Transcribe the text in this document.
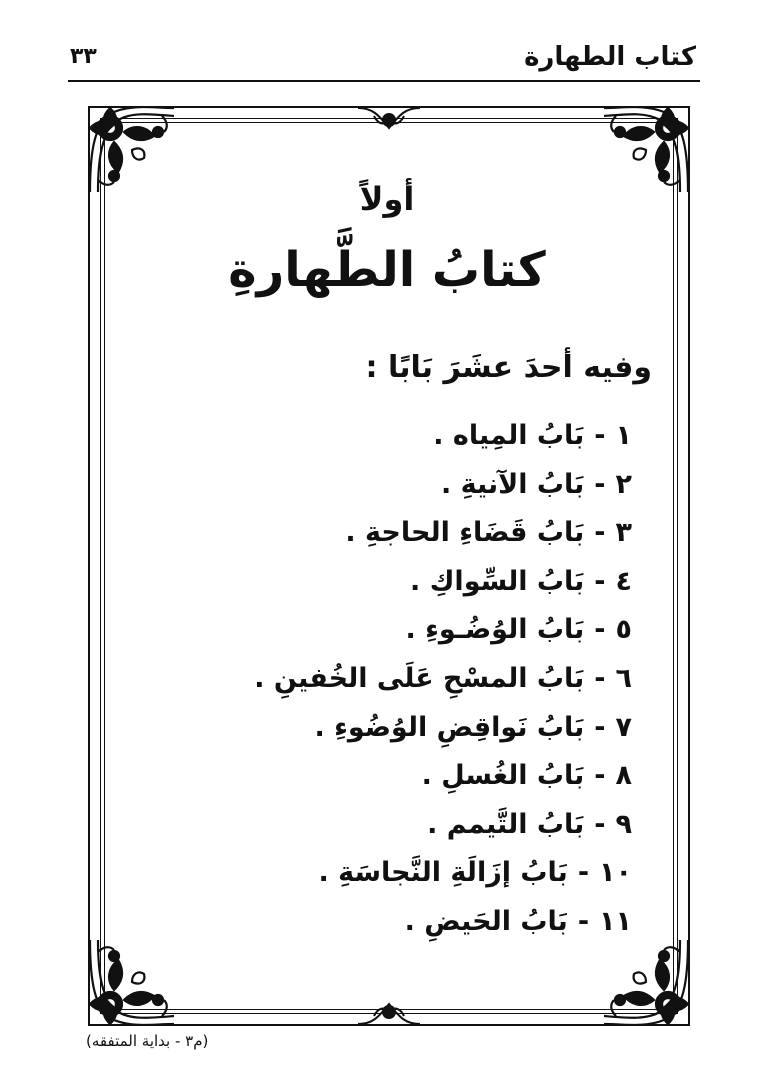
كتاب الطهارة
٣٣
أولاً
كتابُ الطَّهارةِ
وفيه أحدَ عشَرَ بَابًا :
١-بَابُ المِياه .
٢-بَابُ الآنيةِ .
٣-بَابُ قَضَاءِ الحاجةِ .
٤-بَابُ السِّواكِ .
٥-بَابُ الوُضُـوءِ .
٦-بَابُ المسْحِ عَلَى الخُفينِ .
٧-بَابُ نَواقِضِ الوُضُوءِ .
٨-بَابُ الغُسلِ .
٩-بَابُ التَّيمم .
١٠-بَابُ إزَالَةِ النَّجاسَةِ .
١١-بَابُ الحَيضِ .
(م٣ - بداية المتفقه)
